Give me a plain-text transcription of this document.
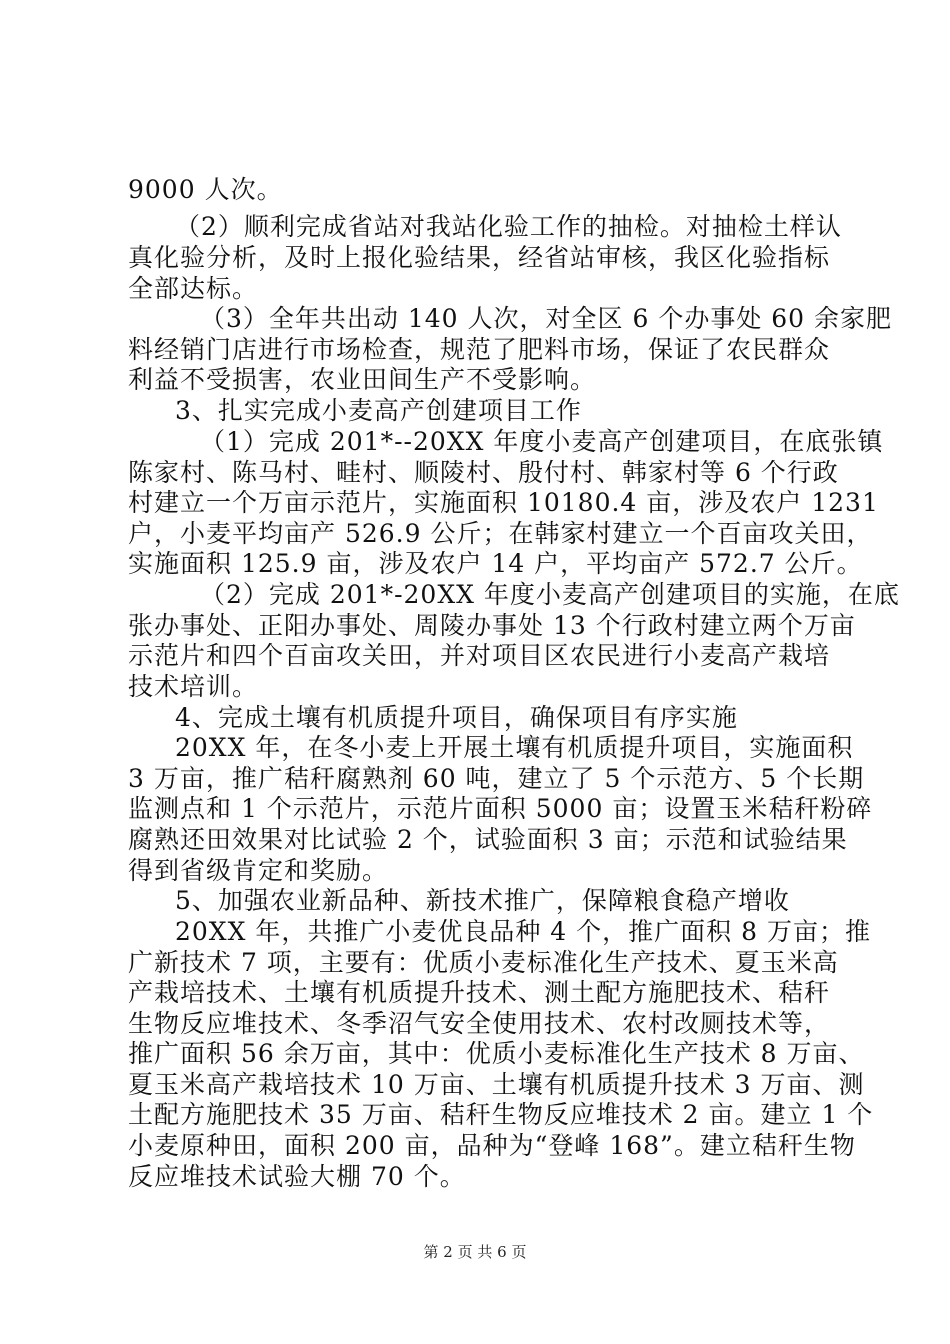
9000 人次。
（2）顺利完成省站对我站化验工作的抽检。对抽检土样认
真化验分析，及时上报化验结果，经省站审核，我区化验指标
全部达标。
（3）全年共出动 140 人次，对全区 6 个办事处 60 余家肥
料经销门店进行市场检查，规范了肥料市场，保证了农民群众
利益不受损害，农业田间生产不受影响。
3、扎实完成小麦高产创建项目工作
（1）完成 201*--20XX 年度小麦高产创建项目，在底张镇
陈家村、陈马村、畦村、顺陵村、殷付村、韩家村等 6 个行政
村建立一个万亩示范片，实施面积 10180.4 亩，涉及农户 1231
户，小麦平均亩产 526.9 公斤；在韩家村建立一个百亩攻关田，
实施面积 125.9 亩，涉及农户 14 户，平均亩产 572.7 公斤。
（2）完成 201*-20XX 年度小麦高产创建项目的实施，在底
张办事处、正阳办事处、周陵办事处 13 个行政村建立两个万亩
示范片和四个百亩攻关田，并对项目区农民进行小麦高产栽培
技术培训。
4、完成土壤有机质提升项目，确保项目有序实施
20XX 年，在冬小麦上开展土壤有机质提升项目，实施面积
3 万亩，推广秸秆腐熟剂 60 吨，建立了 5 个示范方、5 个长期
监测点和 1 个示范片，示范片面积 5000 亩；设置玉米秸秆粉碎
腐熟还田效果对比试验 2 个，试验面积 3 亩；示范和试验结果
得到省级肯定和奖励。
5、加强农业新品种、新技术推广，保障粮食稳产增收
20XX 年，共推广小麦优良品种 4 个，推广面积 8 万亩；推
广新技术 7 项，主要有：优质小麦标准化生产技术、夏玉米高
产栽培技术、土壤有机质提升技术、测土配方施肥技术、秸秆
生物反应堆技术、冬季沼气安全使用技术、农村改厕技术等，
推广面积 56 余万亩，其中：优质小麦标准化生产技术 8 万亩、
夏玉米高产栽培技术 10 万亩、土壤有机质提升技术 3 万亩、测
土配方施肥技术 35 万亩、秸秆生物反应堆技术 2 亩。建立 1 个
小麦原种田，面积 200 亩，品种为“登峰 168”。建立秸秆生物
反应堆技术试验大棚 70 个。
第 2 页 共 6 页
